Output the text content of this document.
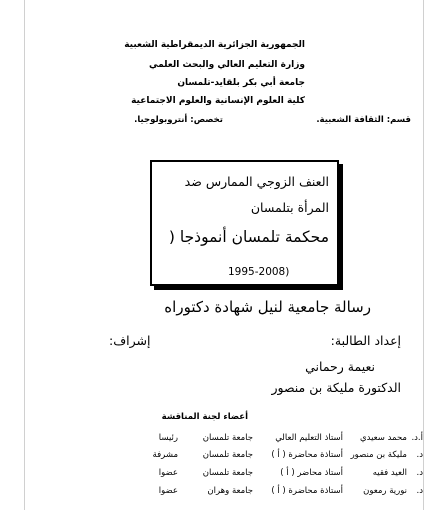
الجمهورية الجزائرية الديمقراطية الشعبية
وزارة التعليم العالي والبحث العلمي
جامعة أبي بكر بلقايد-تلمسان
كلية العلوم الإنسانية والعلوم الاجتماعية
قسم: الثقافة الشعبية.
تخصص: أنتروبولوجيا.
العنف الزوجي الممارس ضد
المرأة بتلمسان
محكمة تلمسان أنموذجا (
1995-2008)
رسالة جامعية لنيل شهادة دكتوراه
إعداد الطالبة:
إشراف:
نعيمة رحماني
الدكتورة مليكة بن منصور
أعضاء لجنة المناقشة
أ.د.
محمد سعيدي
أستاذ التعليم العالي
جامعة تلمسان
رئيسا
د.
مليكة بن منصور
أستاذة محاضرة ( أ )
جامعة تلمسان
مشرفة
د.
العيد فقيه
أستاذ محاضر ( أ )
جامعة تلمسان
عضوا
د.
نورية رمعون
أستاذة محاضرة ( أ )
جامعة وهران
عضوا
